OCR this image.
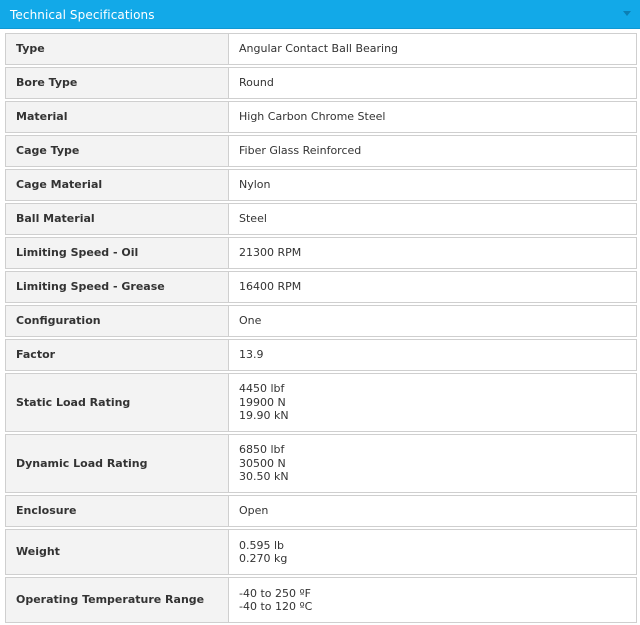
Technical Specifications
Type	Angular Contact Ball Bearing

Bore Type	Round

Material	High Carbon Chrome Steel

Cage Type	Fiber Glass Reinforced

Cage Material	Nylon

Ball Material	Steel

Limiting Speed - Oil	21300 RPM

Limiting Speed - Grease	16400 RPM

Configuration	One

Factor	13.9

Static Load Rating	4450 lbf
19900 N
19.90 kN

Dynamic Load Rating	6850 lbf
30500 N
30.50 kN

Enclosure	Open

Weight	0.595 lb
0.270 kg

Operating Temperature Range	-40 to 250 ºF
-40 to 120 ºC
